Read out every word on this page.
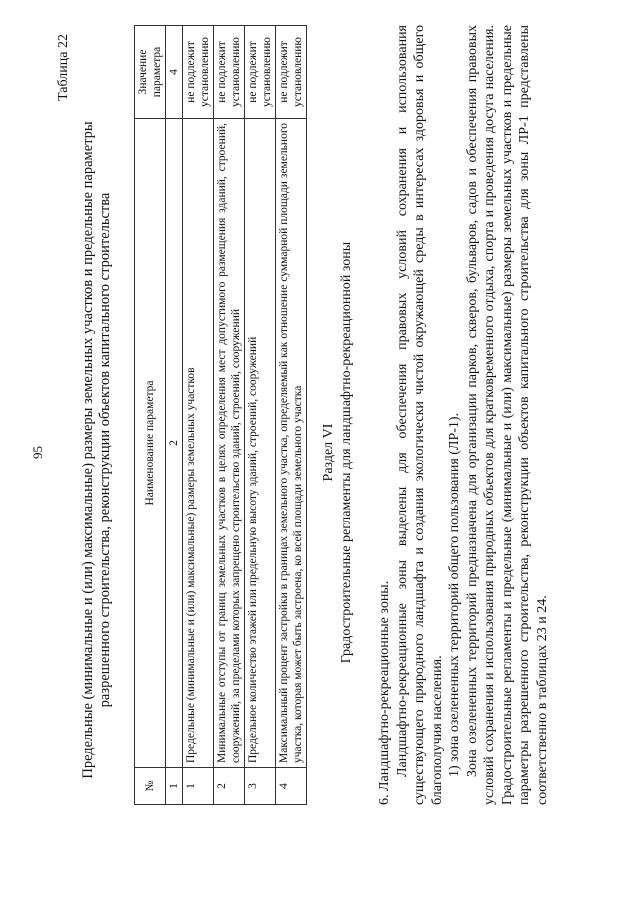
95
Таблица 22
Предельные (минимальные и (или) максимальные) размеры земельных участков и предельные параметры разрешенного строительства, реконструкции объектов капитального строительства
№	Наименование параметра	Значение параметра
1	2	4
1	Предельные (минимальные и (или) максимальные) размеры земельных участков	не подлежит установлению
2	Минимальные отступы от границ земельных участков в целях определения мест допустимого размещения зданий, строений, сооружений, за пределами которых запрещено строительство зданий, строений, сооружений	не подлежит установлению
3	Предельное количество этажей или предельную высоту зданий, строений, сооружений	не подлежит установлению
4	Максимальный процент застройки в границах земельного участка, определяемый как отношение суммарной площади земельного участка, которая может быть застроена, ко всей площади земельного участка	не подлежит установлению
Раздел VI Градостроительные регламенты для ландшафтно-рекреационной зоны

6. Ландшафтно-рекреационные зоны. Ландшафтно-рекреационные зоны выделены для обеспечения правовых условий сохранения и использования существующего природного ландшафта и создания экологически чистой окружающей среды в интересах здоровья и общего благополучия населения. 1) зона озелененных территорий общего пользования (ЛР-1). Зона озелененных территорий предназначена для организации парков, скверов, бульваров, садов и обеспечения правовых условий сохранения и использования природных объектов для кратковременного отдыха, спорта и проведения досуга населения. Градостроительные регламенты и предельные (минимальные и (или) максимальные) размеры земельных участков и предельные параметры разрешенного строительства, реконструкции объектов капитального строительства для зоны ЛР-1 представлены соответственно в таблицах 23 и 24.
